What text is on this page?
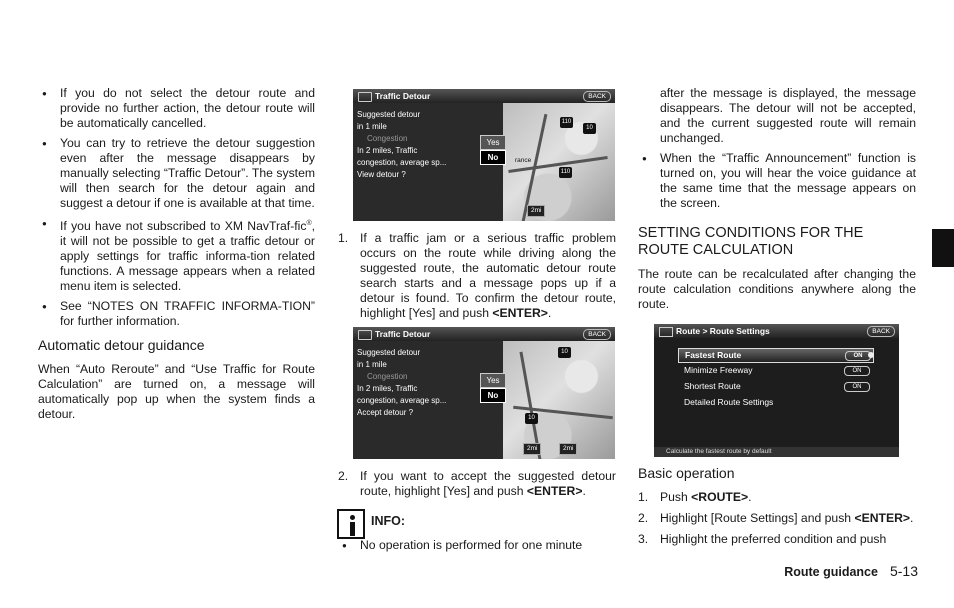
● If you do not select the detour route and provide no further action, the detour route will be automatically cancelled.
● You can try to retrieve the detour suggestion even after the message disappears by manually selecting “Traffic Detour”. The system will then search for the detour again and suggest a detour if one is available at that time.
● If you have not subscribed to XM NavTraf-fic®, it will not be possible to get a traffic detour or apply settings for traffic informa-tion related functions. A message appears when a related menu item is selected.
● See “NOTES ON TRAFFIC INFORMA-TION” for further information.
Automatic detour guidance

When “Auto Reroute” and “Use Traffic for Route Calculation” are turned on, a message will automatically pop up when the system finds a detour.

Traffic Detour	BACK
110
10
110
rance
2mi
Suggested detour
in 1 mile
Congestion
In 2 miles, Traffic
congestion, average sp...
View detour ?
Yes
No
1. If a traffic jam or a serious traffic problem occurs on the route while driving along the suggested route, the automatic detour route search starts and a message pops up if a detour is found. To confirm the detour route, highlight [Yes] and push <ENTER>.
Traffic Detour	BACK
10
10
2mi	2mi
Suggested detour
in 1 mile
Congestion
In 2 miles, Traffic
congestion, average sp...
Accept detour ?
Yes
No
2. If you want to accept the suggested detour route, highlight [Yes] and push <ENTER>.
INFO:
● No operation is performed for one minute

after the message is displayed, the message disappears. The detour will not be accepted, and the current suggested route will remain unchanged.

● When the “Traffic Announcement” function is turned on, you will hear the voice guidance at the same time that the message appears on the screen.
SETTING CONDITIONS FOR THE ROUTE CALCULATION

The route can be recalculated after changing the route calculation conditions anywhere along the route.

Route > Route Settings	BACK
Fastest Route	ON
Minimize Freeway	ON
Shortest Route	ON
Detailed Route Settings
Calculate the fastest route by default
Basic operation
1. Push <ROUTE>.
2. Highlight [Route Settings] and push <ENTER>.
3. Highlight the preferred condition and push
Route guidance 5-13
